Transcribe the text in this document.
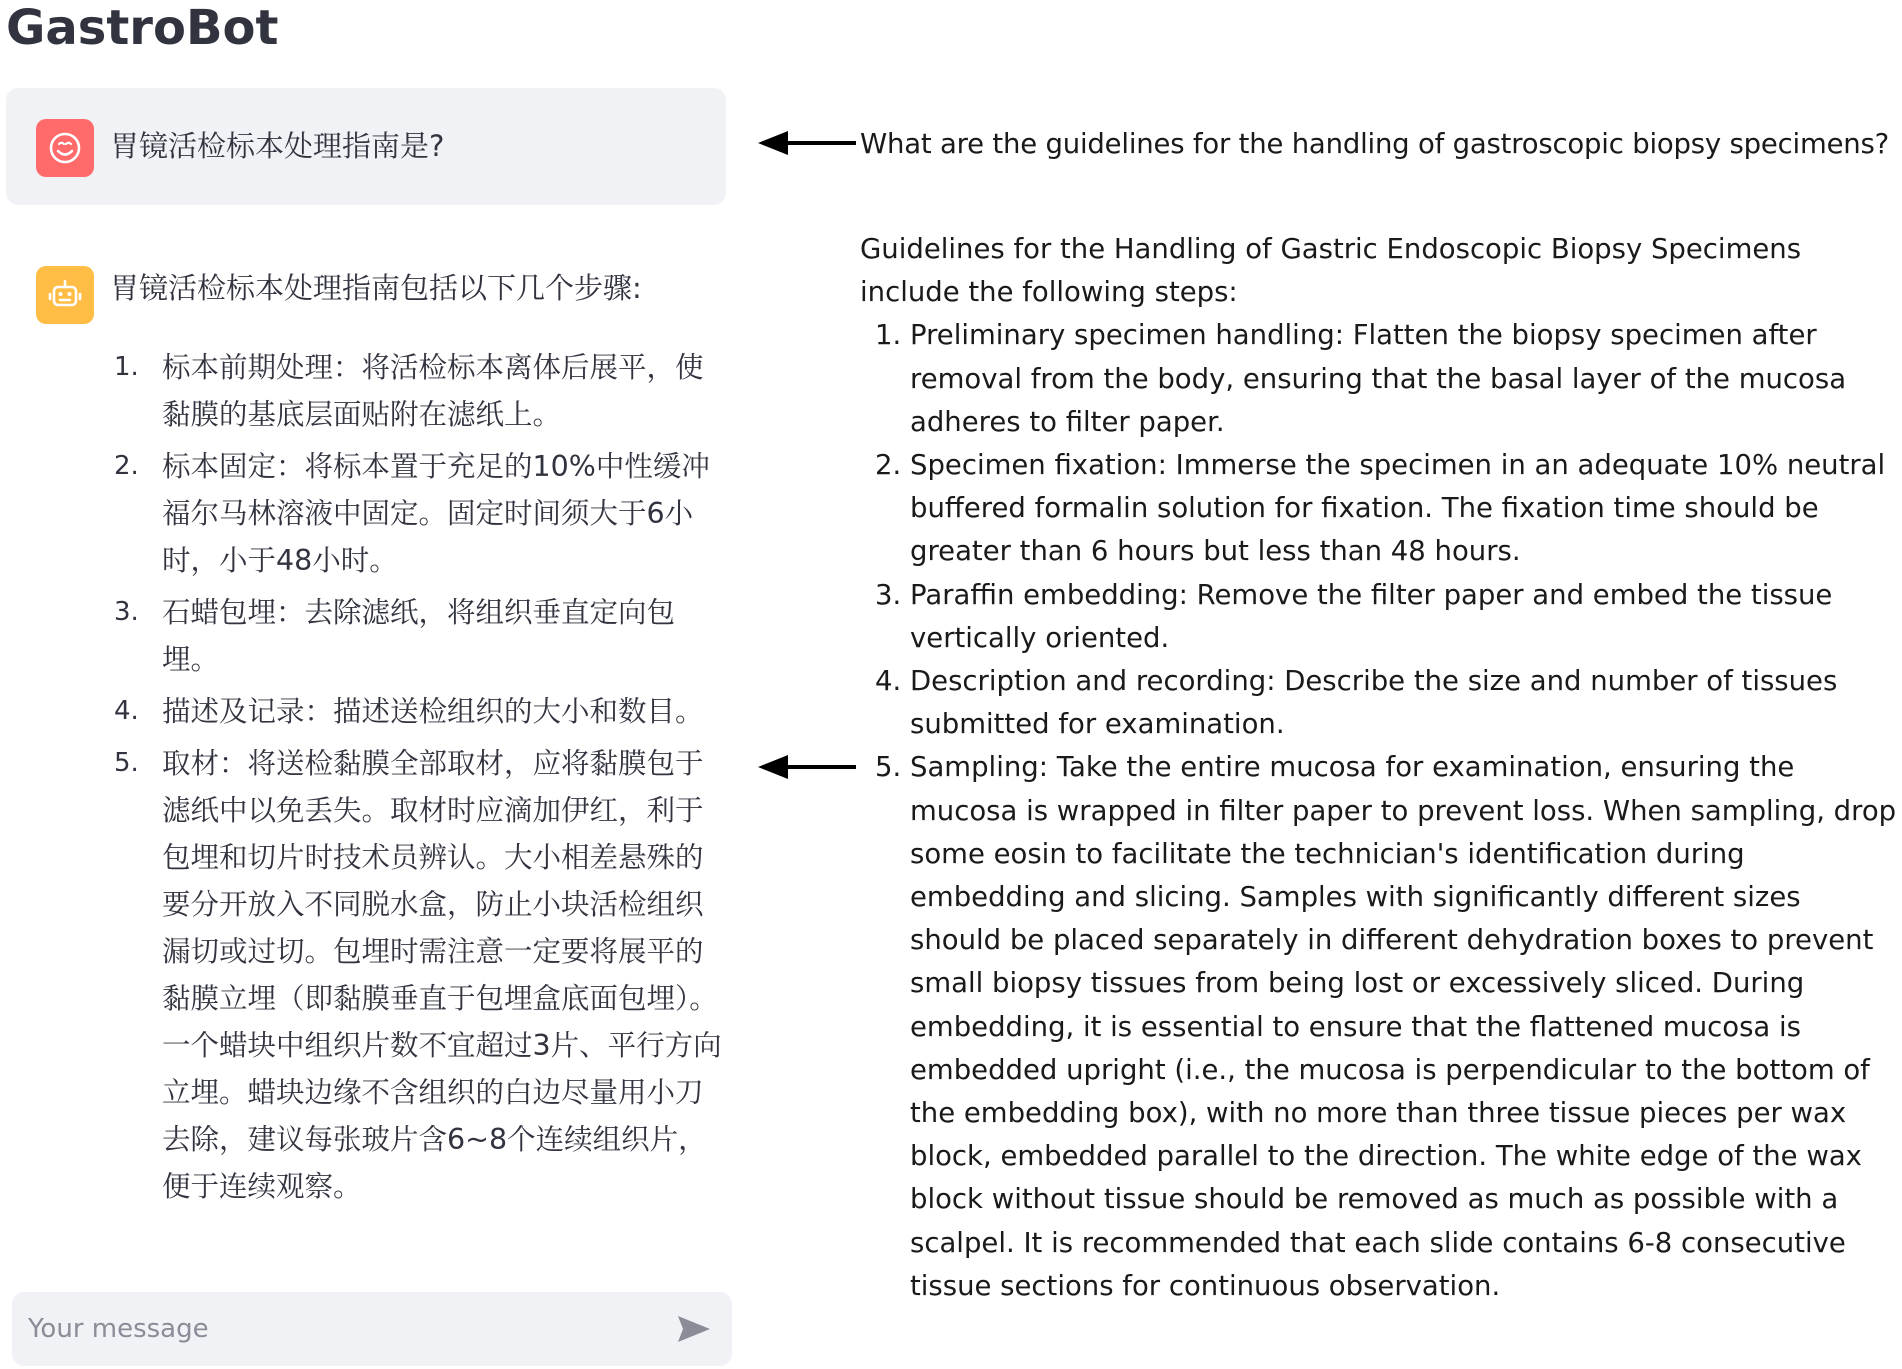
GastroBot
胃镜活检标本处理指南是?
胃镜活检标本处理指南包括以下几个步骤:
1. 标本前期处理：将活检标本离体后展平，使黏膜的基底层面贴附在滤纸上。
2. 标本固定：将标本置于充足的10%中性缓冲福尔马林溶液中固定。固定时间须大于6小时，小于48小时。
3. 石蜡包埋：去除滤纸，将组织垂直定向包埋。
4. 描述及记录：描述送检组织的大小和数目。
5. 取材：将送检黏膜全部取材，应将黏膜包于滤纸中以免丢失。取材时应滴加伊红，利于包埋和切片时技术员辨认。大小相差悬殊的要分开放入不同脱水盒，防止小块活检组织漏切或过切。包埋时需注意一定要将展平的黏膜立埋（即黏膜垂直于包埋盒底面包埋）。一个蜡块中组织片数不宜超过3片、平行方向立埋。蜡块边缘不含组织的白边尽量用小刀去除，建议每张玻片含6~8个连续组织片，便于连续观察。
Your message
What are the guidelines for the handling of gastroscopic biopsy specimens?

Guidelines for the Handling of Gastric Endoscopic Biopsy Specimens include the following steps:

1. Preliminary specimen handling: Flatten the biopsy specimen after removal from the body, ensuring that the basal layer of the mucosa adheres to filter paper.
2. Specimen fixation: Immerse the specimen in an adequate 10% neutral buffered formalin solution for fixation. The fixation time should be greater than 6 hours but less than 48 hours.
3. Paraffin embedding: Remove the filter paper and embed the tissue vertically oriented.
4. Description and recording: Describe the size and number of tissues submitted for examination.
5. Sampling: Take the entire mucosa for examination, ensuring the mucosa is wrapped in filter paper to prevent loss. When sampling, drop some eosin to facilitate the technician's identification during embedding and slicing. Samples with significantly different sizes should be placed separately in different dehydration boxes to prevent small biopsy tissues from being lost or excessively sliced. During embedding, it is essential to ensure that the flattened mucosa is embedded upright (i.e., the mucosa is perpendicular to the bottom of the embedding box), with no more than three tissue pieces per wax block, embedded parallel to the direction. The white edge of the wax block without tissue should be removed as much as possible with a scalpel. It is recommended that each slide contains 6-8 consecutive tissue sections for continuous observation.
